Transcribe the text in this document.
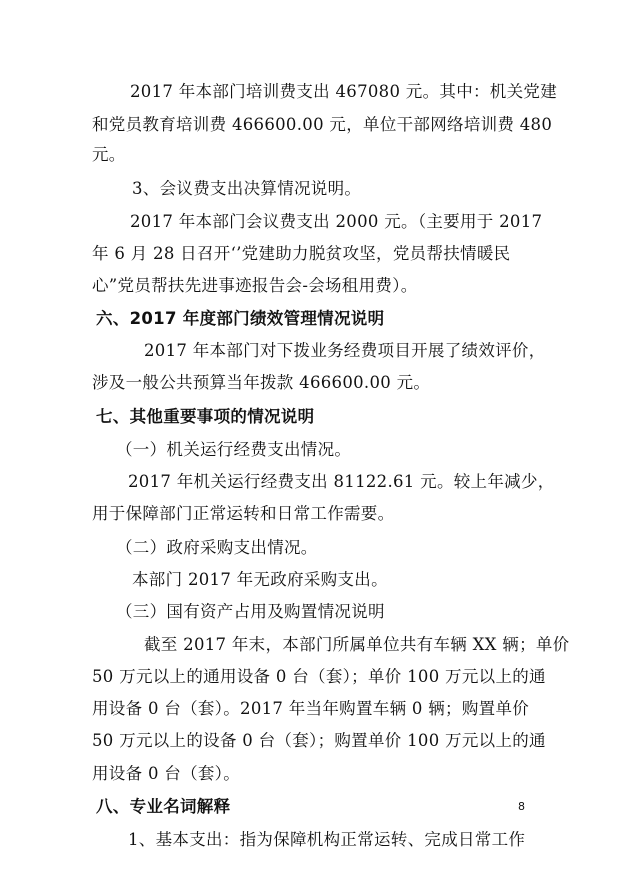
2017 年本部门培训费支出 467080 元。其中：机关党建
和党员教育培训费 466600.00 元，单位干部网络培训费 480
元。
3、会议费支出决算情况说明。
2017 年本部门会议费支出 2000 元。（主要用于 2017
年 6 月 28 日召开‘’党建助力脱贫攻坚，党员帮扶情暖民
心”党员帮扶先进事迹报告会-会场租用费）。
六、2017 年度部门绩效管理情况说明
2017 年本部门对下拨业务经费项目开展了绩效评价，
涉及一般公共预算当年拨款 466600.00 元。
七、其他重要事项的情况说明
（一）机关运行经费支出情况。
2017 年机关运行经费支出 81122.61 元。较上年减少，
用于保障部门正常运转和日常工作需要。
（二）政府采购支出情况。
本部门 2017 年无政府采购支出。
（三）国有资产占用及购置情况说明
截至 2017 年末，本部门所属单位共有车辆 XX 辆；单价
50 万元以上的通用设备 0 台（套）；单价 100 万元以上的通
用设备 0 台（套）。2017 年当年购置车辆 0 辆；购置单价
50 万元以上的设备 0 台（套）；购置单价 100 万元以上的通
用设备 0 台（套）。
八、专业名词解释
1、基本支出：指为保障机构正常运转、完成日常工作
8
